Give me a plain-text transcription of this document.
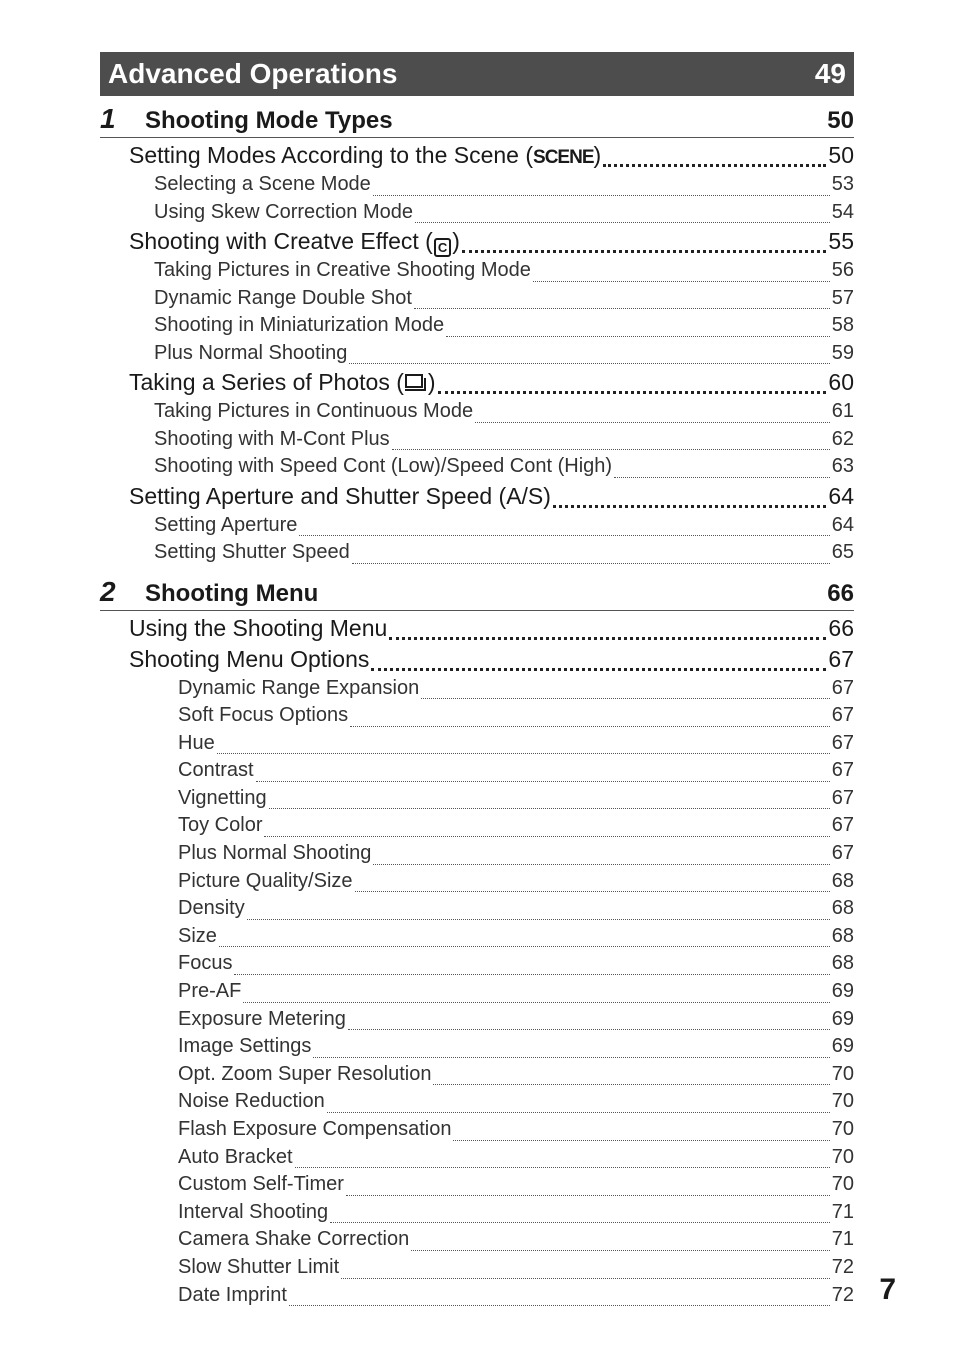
Advanced Operations	49
1	Shooting Mode Types	50
Setting Modes According to the Scene (SCENE)	50
Selecting a Scene Mode	53
Using Skew Correction Mode	54
Shooting with Creatve Effect ( C )	55
Taking Pictures in Creative Shooting Mode	56
Dynamic Range Double Shot	57
Shooting in Miniaturization Mode	58
Plus Normal Shooting	59
Taking a Series of Photos ( )	60
Taking Pictures in Continuous Mode	61
Shooting with M-Cont Plus	62
Shooting with Speed Cont (Low)/Speed Cont (High)	63
Setting Aperture and Shutter Speed (A/S)	64
Setting Aperture	64
Setting Shutter Speed	65
2	Shooting Menu	66
Using the Shooting Menu	66
Shooting Menu Options	67
Dynamic Range Expansion	67
Soft Focus Options	67
Hue	67
Contrast	67
Vignetting	67
Toy Color	67
Plus Normal Shooting	67
Picture Quality/Size	68
Density	68
Size	68
Focus	68
Pre-AF	69
Exposure Metering	69
Image Settings	69
Opt. Zoom Super Resolution	70
Noise Reduction	70
Flash Exposure Compensation	70
Auto Bracket	70
Custom Self-Timer	70
Interval Shooting	71
Camera Shake Correction	71
Slow Shutter Limit	72
Date Imprint	72 7
